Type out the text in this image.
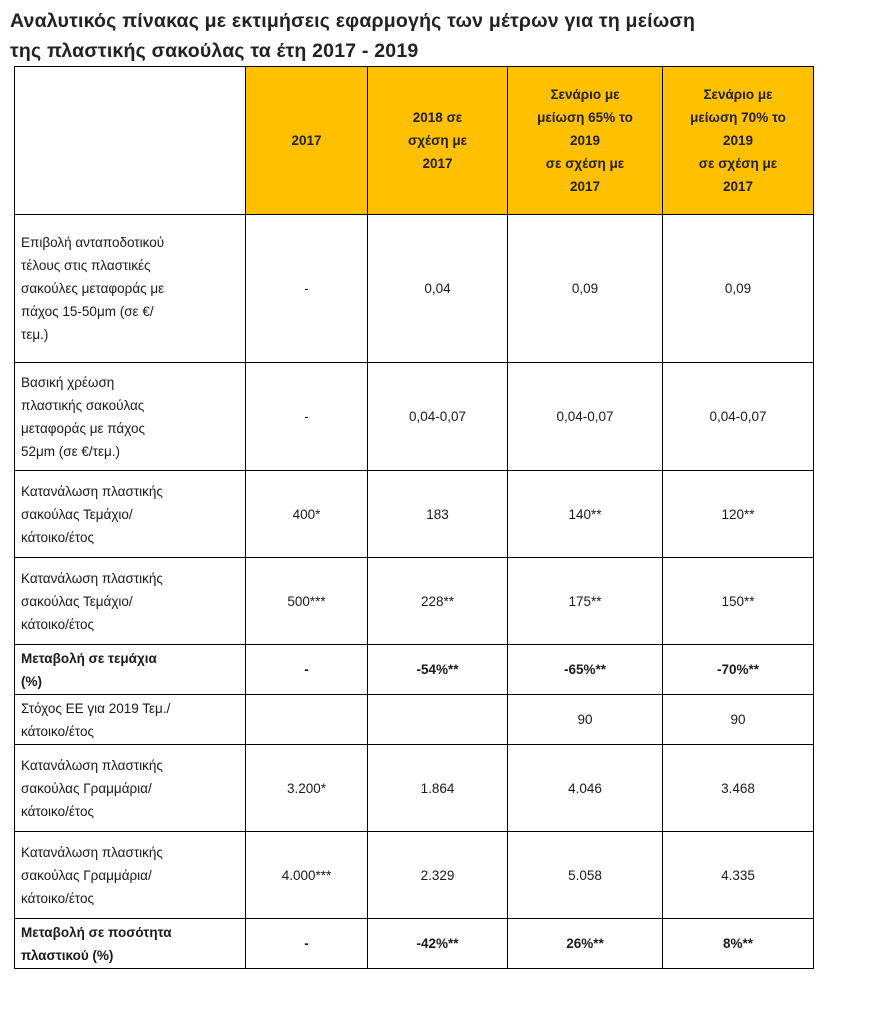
Αναλυτικός πίνακας με εκτιμήσεις εφαρμογής των μέτρων για τη μείωση
της πλαστικής σακούλας τα έτη 2017 - 2019
	2017	2018 σε
σχέση με
2017	Σενάριο με
μείωση 65% το
2019
σε σχέση με
2017	Σενάριο με
μείωση 70% το
2019
σε σχέση με
2017
Επιβολή ανταποδοτικού
τέλους στις πλαστικές
σακούλες μεταφοράς με
πάχος 15-50μm (σε €/
τεμ.)	-	0,04	0,09	0,09
Βασική χρέωση
πλαστικής σακούλας
μεταφοράς με πάχος
52μm (σε €/τεμ.)	-	0,04-0,07	0,04-0,07	0,04-0,07
Κατανάλωση πλαστικής
σακούλας Τεμάχιο/
κάτοικο/έτος	400*	183	140**	120**
Κατανάλωση πλαστικής
σακούλας Τεμάχιο/
κάτοικο/έτος	500***	228**	175**	150**
Μεταβολή σε τεμάχια
(%)	-	-54%**	-65%**	-70%**
Στόχος ΕΕ για 2019 Τεμ./
κάτοικο/έτος			90	90
Κατανάλωση πλαστικής
σακούλας Γραμμάρια/
κάτοικο/έτος	3.200*	1.864	4.046	3.468
Κατανάλωση πλαστικής
σακούλας Γραμμάρια/
κάτοικο/έτος	4.000***	2.329	5.058	4.335
Μεταβολή σε ποσότητα
πλαστικού (%)	-	-42%**	26%**	8%**
